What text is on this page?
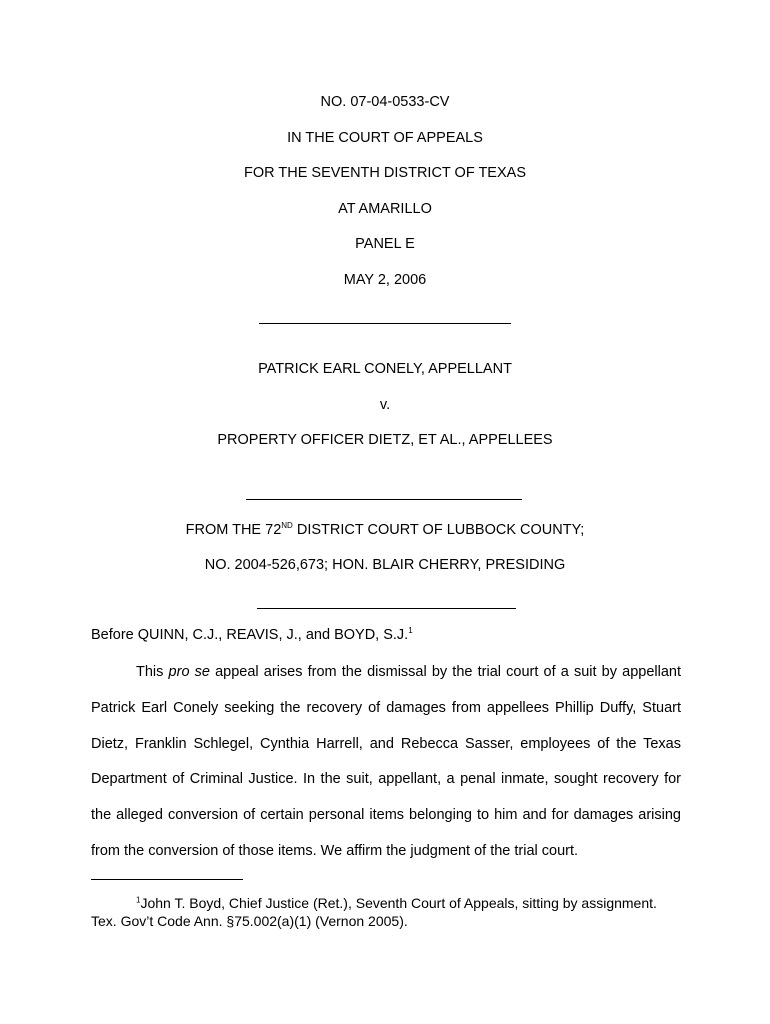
NO. 07-04-0533-CV
IN THE COURT OF APPEALS
FOR THE SEVENTH DISTRICT OF TEXAS
AT AMARILLO
PANEL E
MAY 2, 2006
PATRICK EARL CONELY, APPELLANT
v.
PROPERTY OFFICER DIETZ, ET AL., APPELLEES
FROM THE 72ND DISTRICT COURT OF LUBBOCK COUNTY;
NO. 2004-526,673; HON. BLAIR CHERRY, PRESIDING
Before QUINN, C.J., REAVIS, J., and BOYD, S.J.$^1$
This pro se appeal arises from the dismissal by the trial court of a suit by appellant
Patrick Earl Conely seeking the recovery of damages from appellees Phillip Duffy, Stuart
Dietz, Franklin Schlegel, Cynthia Harrell, and Rebecca Sasser, employees of the Texas
Department of Criminal Justice. In the suit, appellant, a penal inmate, sought recovery for
the alleged conversion of certain personal items belonging to him and for damages arising
from the conversion of those items. We affirm the judgment of the trial court.
$^1$John T. Boyd, Chief Justice (Ret.), Seventh Court of Appeals, sitting by assignment.
Tex. Gov’t Code Ann. §75.002(a)(1) (Vernon 2005).
